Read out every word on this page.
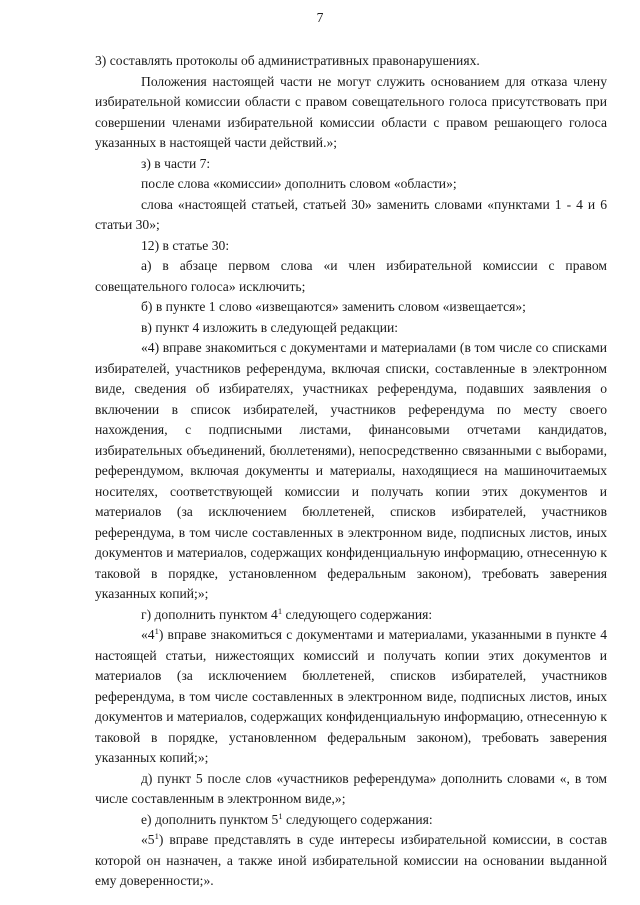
7

3) составлять протоколы об административных правонарушениях.

Положения настоящей части не могут служить основанием для отказа члену избирательной комиссии области с правом совещательного голоса присутствовать при совершении членами избирательной комиссии области с правом решающего голоса указанных в настоящей части действий.»;

з) в части 7:

после слова «комиссии» дополнить словом «области»;

слова «настоящей статьей, статьей 30» заменить словами «пунктами 1 - 4 и 6 статьи 30»;

12) в статье 30:

а) в абзаце первом слова «и член избирательной комиссии с правом совещательного голоса» исключить;

б) в пункте 1 слово «извещаются» заменить словом «извещается»;

в) пункт 4 изложить в следующей редакции:

«4) вправе знакомиться с документами и материалами (в том числе со списками избирателей, участников референдума, включая списки, составленные в электронном виде, сведения об избирателях, участниках референдума, подавших заявления о включении в список избирателей, участников референдума по месту своего нахождения, с подписными листами, финансовыми отчетами кандидатов, избирательных объединений, бюллетенями), непосредственно связанными с выборами, референдумом, включая документы и материалы, находящиеся на машиночитаемых носителях, соответствующей комиссии и получать копии этих документов и материалов (за исключением бюллетеней, списков избирателей, участников референдума, в том числе составленных в электронном виде, подписных листов, иных документов и материалов, содержащих конфиденциальную информацию, отнесенную к таковой в порядке, установленном федеральным законом), требовать заверения указанных копий;»;

г) дополнить пунктом $4^1$ следующего содержания:

«$4^1$) вправе знакомиться с документами и материалами, указанными в пункте 4 настоящей статьи, нижестоящих комиссий и получать копии этих документов и материалов (за исключением бюллетеней, списков избирателей, участников референдума, в том числе составленных в электронном виде, подписных листов, иных документов и материалов, содержащих конфиденциальную информацию, отнесенную к таковой в порядке, установленном федеральным законом), требовать заверения указанных копий;»;

д) пункт 5 после слов «участников референдума» дополнить словами «, в том числе составленным в электронном виде,»;

е) дополнить пунктом $5^1$ следующего содержания:

«$5^1$) вправе представлять в суде интересы избирательной комиссии, в состав которой он назначен, а также иной избирательной комиссии на основании выданной ему доверенности;».
